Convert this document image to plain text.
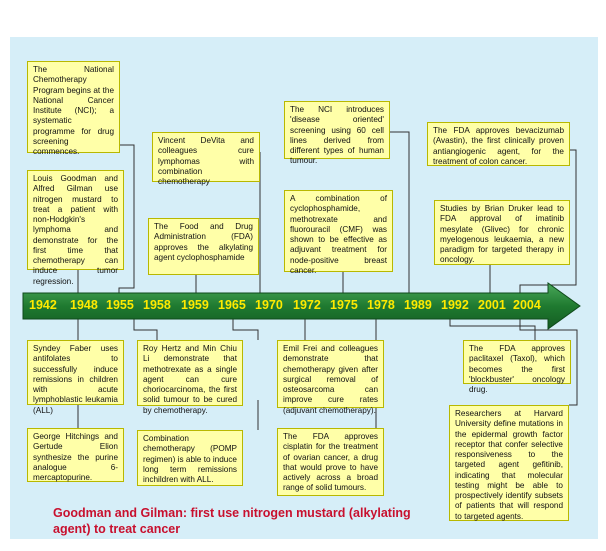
1942 1948 1955 1958 1959 1965 1970 1972 1975 1978 1989 1992 2001 2004
The National Chemotherapy Program begins at the National Cancer Institute (NCI); a systematic programme for drug screening commences.
Louis Goodman and Alfred Gilman use nitrogen mustard to treat a patient with non-Hodgkin's lymphoma and demonstrate for the first time that chemotherapy can induce tumor regression.
Vincent DeVita and colleagues cure lymphomas with combination chemotherapy
The Food and Drug Administration (FDA) approves the alkylating agent cyclophosphamide
The NCI introduces 'disease oriented' screening using 60 cell lines derived from different types of human tumour.
A combination of cyclophosphamide, methotrexate and fluorouracil (CMF) was shown to be effective as adjuvant treatment for node-positive breast cancer.
The FDA approves bevacizumab (Avastin), the first clinically proven antiangiogenic agent, for the treatment of colon cancer.
Studies by Brian Druker lead to FDA approval of imatinib mesylate (Glivec) for chronic myelogenous leukaemia, a new paradigm for targeted therapy in oncology.
Syndey Faber uses antifolates to successfully induce remissions in children with acute lymphoblastic leukamia (ALL)
George Hitchings and Gertude Elion synthesize the purine analogue 6-mercaptopurine.
Roy Hertz and Min Chiu Li demonstrate that methotrexate as a single agent can cure choriocarcinoma, the first solid tumour to be cured by chemotherapy.
Combination chemotherapy (POMP regimen) is able to induce long term remissions inchildren with ALL.
Emil Frei and colleagues demonstrate that chemotherapy given after surgical removal of osteosarcoma can improve cure rates (adjuvant chemotherapy).
The FDA approves cisplatin for the treatment of ovarian cancer, a drug that would prove to have actively across a broad range of solid tumours.
The FDA approves paclitaxel (Taxol), which becomes the first 'blockbuster' oncology drug.
Researchers at Harvard University define mutations in the epidermal growth factor receptor that confer selective responsiveness to the targeted agent gefitinib, indicating that molecular testing might be able to prospectively identify subsets of patients that will respond to targeted agents.
Goodman and Gilman: first use nitrogen mustard (alkylating agent) to treat cancer
